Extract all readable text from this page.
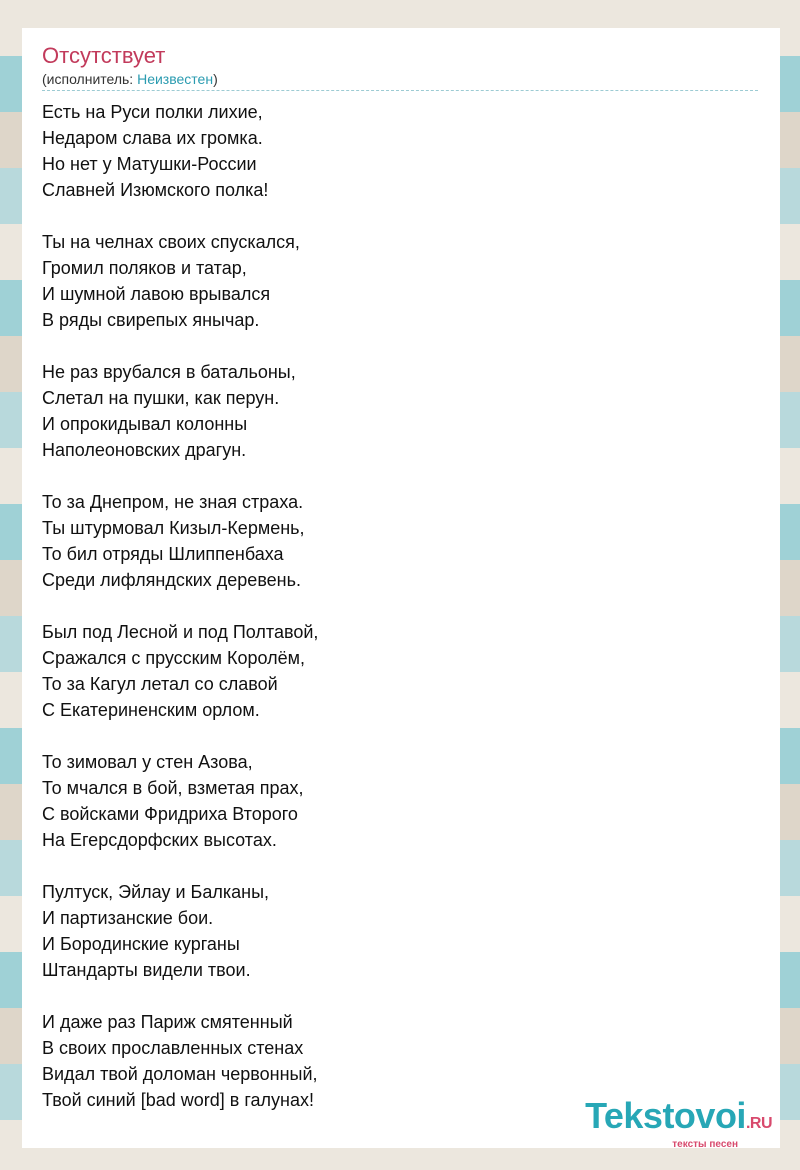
Отсутствует
(исполнитель: Неизвестен)
Есть на Руси полки лихие,
Недаром слава их громка.
Но нет у Матушки-России
Славней Изюмского полка!
Ты на челнах своих спускался,
Громил поляков и татар,
И шумной лавою врывался
В ряды свирепых янычар.
Не раз врубался в батальоны,
Слетал на пушки, как перун.
И опрокидывал колонны
Наполеоновских драгун.
То за Днепром, не зная страха.
Ты штурмовал Кизыл-Кермень,
То бил отряды Шлиппенбаха
Среди лифляндских деревень.
Был под Лесной и под Полтавой,
Сражался с прусским Королём,
То за Кагул летал со славой
С Екатериненским орлом.
То зимовал у стен Азова,
То мчался в бой, взметая прах,
С войсками Фридриха Второго
На Егерсдорфских высотах.
Пултуск, Эйлау и Балканы,
И партизанские бои.
И Бородинские курганы
Штандарты видели твои.
И даже раз Париж смятенный
В своих прославленных стенах
Видал твой доломан червонный,
Твой синий [bad word] в галунах!	Tekstovoi.RU
тексты песен
